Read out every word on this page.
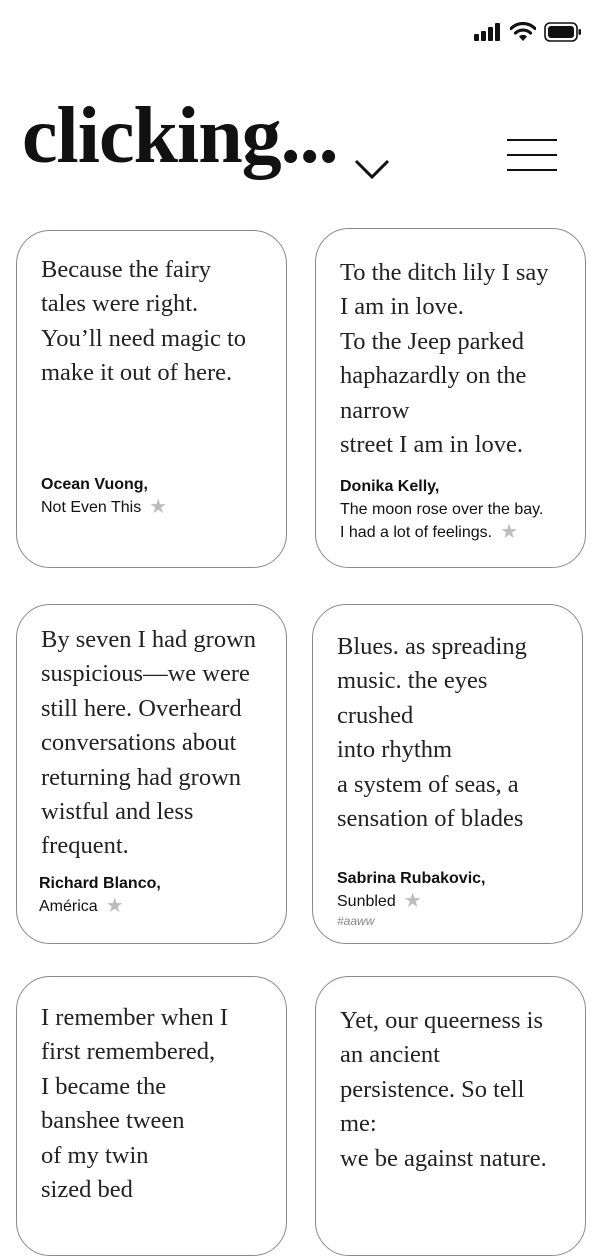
clicking...

Because the fairy
tales were right.
You’ll need magic to
make it out of here.

Ocean Vuong,
Not Even This ★

To the ditch lily I say
I am in love.
To the Jeep parked
haphazardly on the
narrow
street I am in love.

Donika Kelly,
The moon rose over the bay.
I had a lot of feelings. ★

By seven I had grown
suspicious—we were
still here. Overheard
conversations about
returning had grown
wistful and less
frequent.

Richard Blanco,
América ★

Blues. as spreading
music. the eyes
crushed
into rhythm
a system of seas, a
sensation of blades

Sabrina Rubakovic,
Sunbled ★
#aaww

I remember when I
first remembered,
I became the
banshee tween
of my twin
sized bed

Yet, our queerness is
an ancient
persistence. So tell
me:
we be against nature.
